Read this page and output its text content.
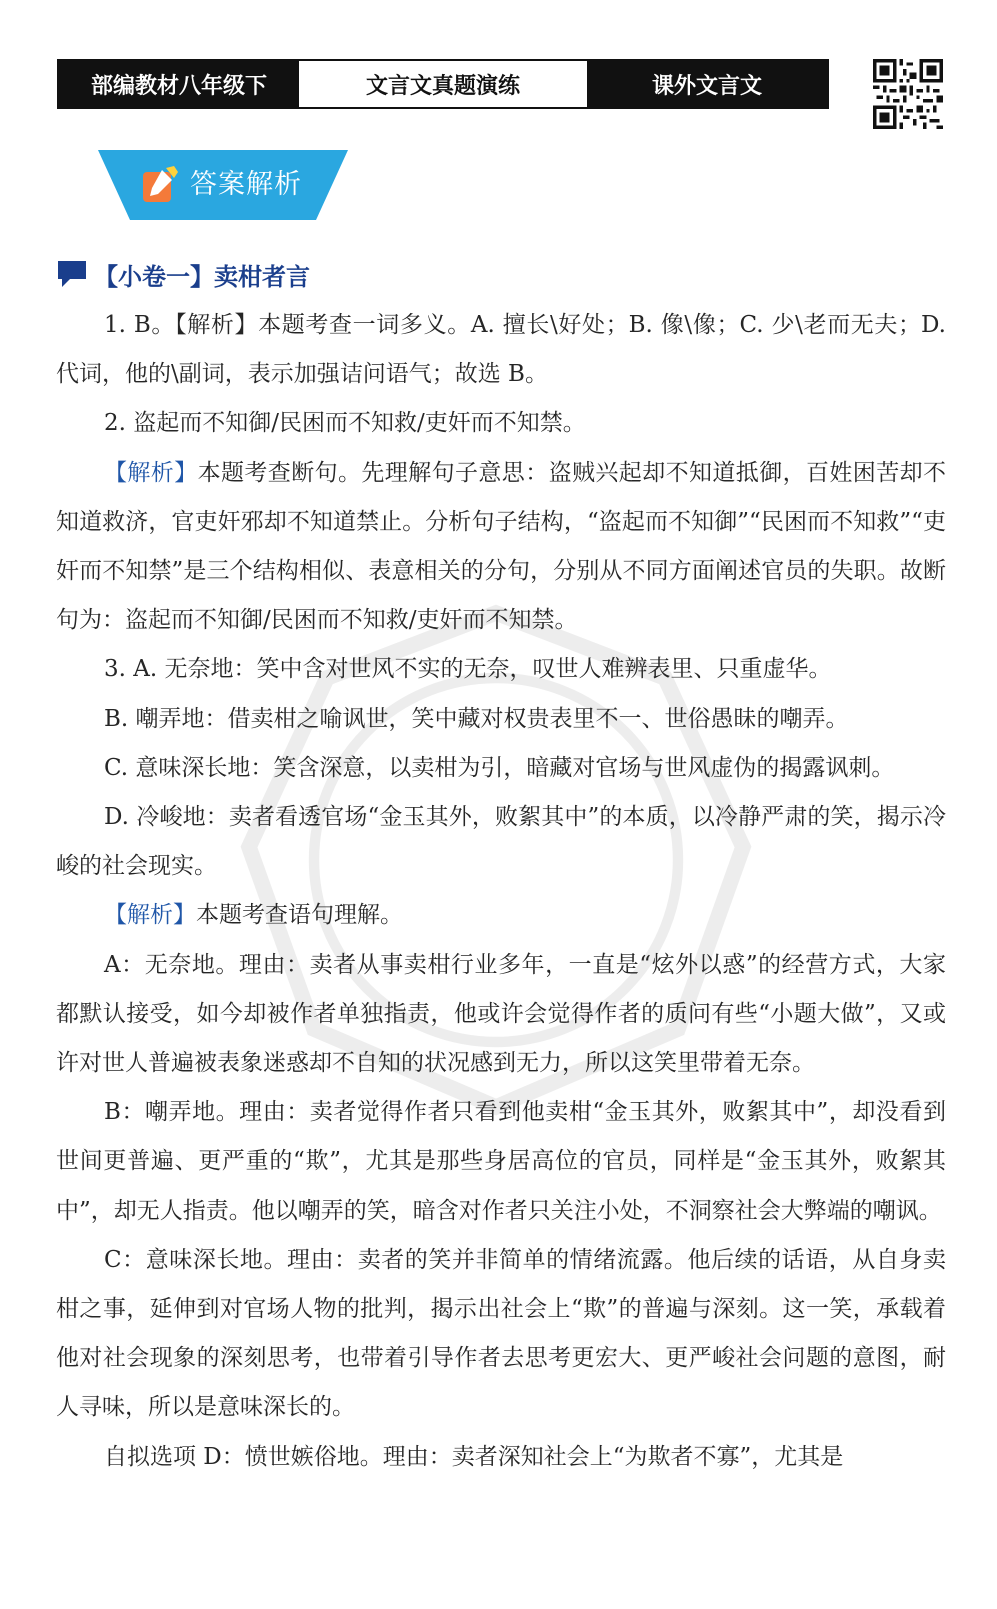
部编教材八年级下	文言文真题演练	课外文言文
答案解析
【小卷一】卖柑者言

1. B。【解析】本题考查一词多义。A. 擅长\好处；B. 像\像；C. 少\老而无夫；D. 代词，他的\副词，表示加强诘问语气；故选 B。

2. 盗起而不知御/民困而不知救/吏奸而不知禁。

【解析】本题考查断句。先理解句子意思：盗贼兴起却不知道抵御，百姓困苦却不知道救济，官吏奸邪却不知道禁止。分析句子结构，“盗起而不知御”“民困而不知救”“吏奸而不知禁”是三个结构相似、表意相关的分句，分别从不同方面阐述官员的失职。故断句为：盗起而不知御/民困而不知救/吏奸而不知禁。

3. A. 无奈地：笑中含对世风不实的无奈，叹世人难辨表里、只重虚华。

B. 嘲弄地：借卖柑之喻讽世，笑中藏对权贵表里不一、世俗愚昧的嘲弄。

C. 意味深长地：笑含深意，以卖柑为引，暗藏对官场与世风虚伪的揭露讽刺。

D. 冷峻地：卖者看透官场“金玉其外，败絮其中”的本质，以冷静严肃的笑，揭示冷峻的社会现实。

【解析】本题考查语句理解。

A：无奈地。理由：卖者从事卖柑行业多年，一直是“炫外以惑”的经营方式，大家都默认接受，如今却被作者单独指责，他或许会觉得作者的质问有些“小题大做”，又或许对世人普遍被表象迷惑却不自知的状况感到无力，所以这笑里带着无奈。

B：嘲弄地。理由：卖者觉得作者只看到他卖柑“金玉其外，败絮其中”，却没看到世间更普遍、更严重的“欺”，尤其是那些身居高位的官员，同样是“金玉其外，败絮其中”，却无人指责。他以嘲弄的笑，暗含对作者只关注小处，不洞察社会大弊端的嘲讽。

C：意味深长地。理由：卖者的笑并非简单的情绪流露。他后续的话语，从自身卖柑之事，延伸到对官场人物的批判，揭示出社会上“欺”的普遍与深刻。这一笑，承载着他对社会现象的深刻思考，也带着引导作者去思考更宏大、更严峻社会问题的意图，耐人寻味，所以是意味深长的。

自拟选项 D：愤世嫉俗地。理由：卖者深知社会上“为欺者不寡”，尤其是
